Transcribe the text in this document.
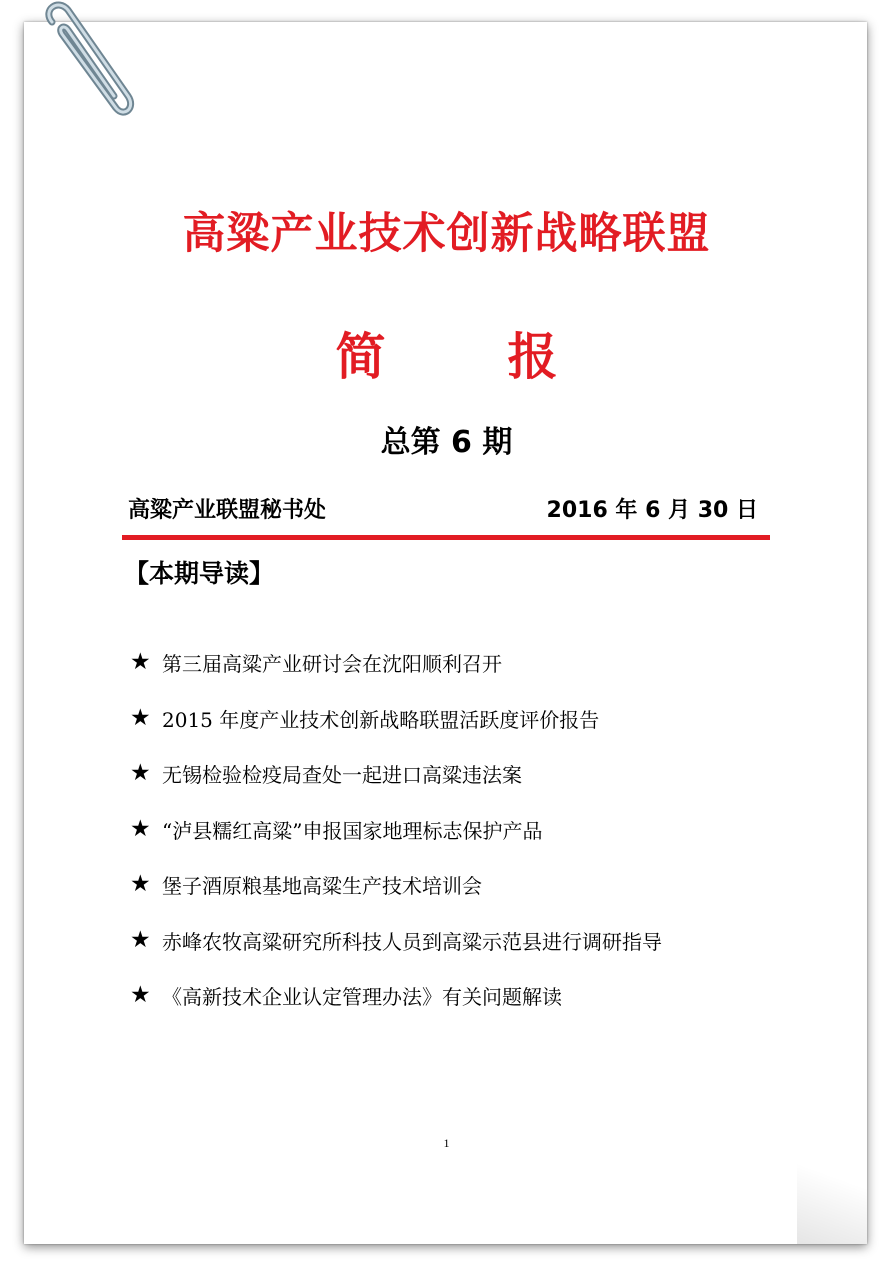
高粱产业技术创新战略联盟
简 报
总第 6 期
高粱产业联盟秘书处	2016 年 6 月 30 日
【本期导读】
★ 第三届高粱产业研讨会在沈阳顺利召开
★ 2015 年度产业技术创新战略联盟活跃度评价报告
★ 无锡检验检疫局查处一起进口高粱违法案
★ “泸县糯红高粱”申报国家地理标志保护产品
★ 堡子酒原粮基地高粱生产技术培训会
★ 赤峰农牧高粱研究所科技人员到高粱示范县进行调研指导
★ 《高新技术企业认定管理办法》有关问题解读
1
